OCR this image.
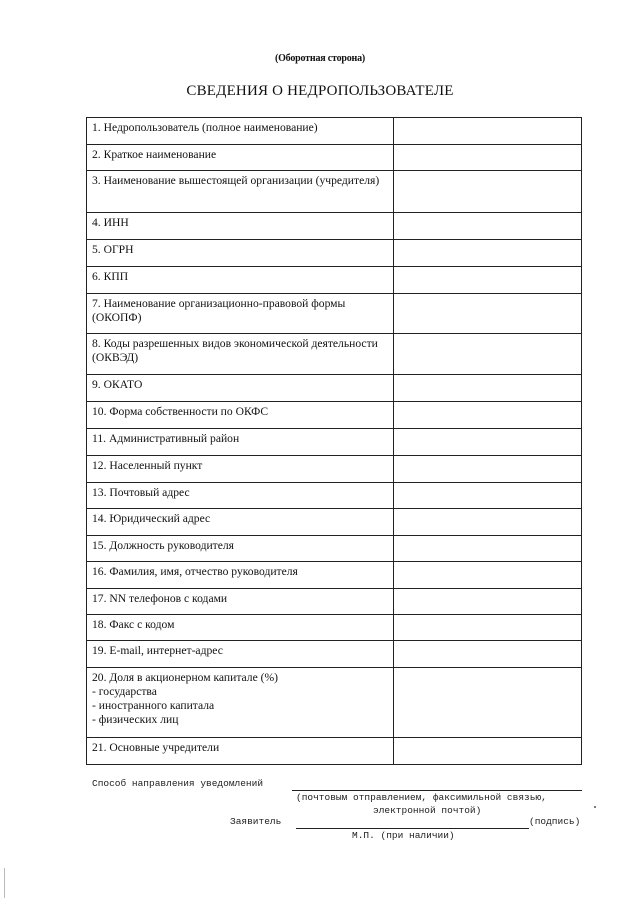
(Оборотная сторона)
СВЕДЕНИЯ О НЕДРОПОЛЬЗОВАТЕЛЕ
1. Недропользователь (полное наименование)	
2. Краткое наименование	
3. Наименование вышестоящей организации (учредителя)	
4. ИНН	
5. ОГРН	
6. КПП	
7. Наименование организационно-правовой формы (ОКОПФ)	
8. Коды разрешенных видов экономической деятельности (ОКВЭД)	
9. ОКАТО	
10. Форма собственности по ОКФС	
11. Административный район	
12. Населенный пункт	
13. Почтовый адрес	
14. Юридический адрес	
15. Должность руководителя	
16. Фамилия, имя, отчество руководителя	
17. NN телефонов с кодами	
18. Факс с кодом	
19. E-mail, интернет-адрес	

20. Доля в акционерном капитале (%)
- государства
- иностранного капитала
- физических лиц	

21. Основные учредители	
Способ направления уведомлений
(почтовым отправлением, факсимильной связью,
электронной почтой)
Заявитель	(подпись)
М.П. (при наличии)
